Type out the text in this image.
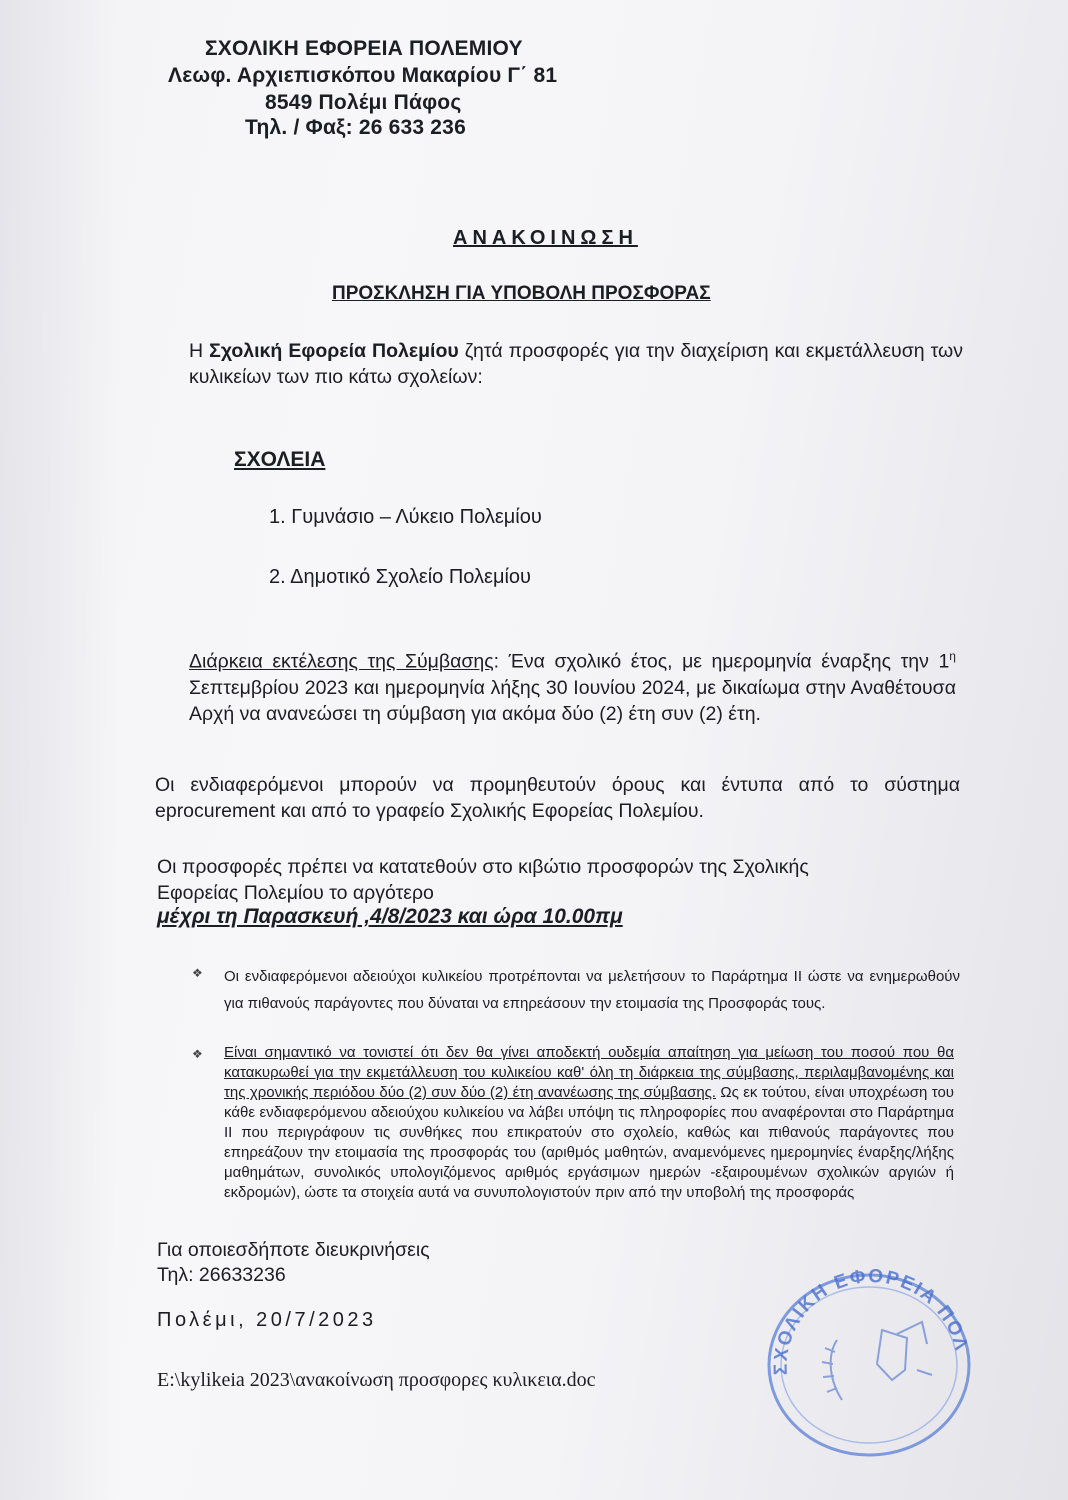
ΣΧΟΛΙΚΗ ΕΦΟΡΕΙΑ ΠΟΛΕΜΙΟΥ
Λεωφ. Αρχιεπισκόπου Μακαρίου Γ΄ 81
8549 Πολέμι Πάφος
Τηλ. / Φαξ: 26 633 236
ΑΝΑΚΟΙΝΩΣΗ
ΠΡΟΣΚΛΗΣΗ ΓΙΑ ΥΠΟΒΟΛΗ ΠΡΟΣΦΟΡΑΣ
Η Σχολική Εφορεία Πολεμίου ζητά προσφορές για την διαχείριση και εκμετάλλευση των κυλικείων των πιο κάτω σχολείων:
ΣΧΟΛΕΙΑ
1. Γυμνάσιο – Λύκειο Πολεμίου
2. Δημοτικό Σχολείο Πολεμίου
Διάρκεια εκτέλεσης της Σύμβασης: Ένα σχολικό έτος, με ημερομηνία έναρξης την $1^\eta$ Σεπτεμβρίου 2023 και ημερομηνία λήξης 30 Ιουνίου 2024, με δικαίωμα στην Αναθέτουσα Αρχή να ανανεώσει τη σύμβαση για ακόμα δύο (2) έτη συν (2) έτη.
Οι ενδιαφερόμενοι μπορούν να προμηθευτούν όρους και έντυπα από το σύστημα eprocurement και από το γραφείο Σχολικής Εφορείας Πολεμίου.
Οι προσφορές πρέπει να κατατεθούν στο κιβώτιο προσφορών της Σχολικής
Εφορείας Πολεμίου το αργότερο
μέχρι τη Παρασκευή ,4/8/2023 και ώρα 10.00πμ
❖ Οι ενδιαφερόμενοι αδειούχοι κυλικείου προτρέπονται να μελετήσουν το Παράρτημα ΙΙ ώστε να ενημερωθούν για πιθανούς παράγοντες που δύναται να επηρεάσουν την ετοιμασία της Προσφοράς τους.
❖ Είναι σημαντικό να τονιστεί ότι δεν θα γίνει αποδεκτή ουδεμία απαίτηση για μείωση του ποσού που θα κατακυρωθεί για την εκμετάλλευση του κυλικείου καθ' όλη τη διάρκεια της σύμβασης, περιλαμβανομένης και της χρονικής περιόδου δύο (2) συν δύο (2) έτη ανανέωσης της σύμβασης. Ως εκ τούτου, είναι υποχρέωση του κάθε ενδιαφερόμενου αδειούχου κυλικείου να λάβει υπόψη τις πληροφορίες που αναφέρονται στο Παράρτημα ΙΙ που περιγράφουν τις συνθήκες που επικρατούν στο σχολείο, καθώς και πιθανούς παράγοντες που επηρεάζουν την ετοιμασία της προσφοράς του (αριθμός μαθητών, αναμενόμενες ημερομηνίες έναρξης/λήξης μαθημάτων, συνολικός υπολογιζόμενος αριθμός εργάσιμων ημερών -εξαιρουμένων σχολικών αργιών ή εκδρομών), ώστε τα στοιχεία αυτά να συνυπολογιστούν πριν από την υποβολή της προσφοράς
Για οποιεσδήποτε διευκρινήσεις
Τηλ: 26633236
Πολέμι, 20/7/2023
E:\kylikeia 2023\ανακοίνωση προσφορες κυλικεια.doc
ΣΧΟΛΙΚΗ ΕΦΟΡΕΙΑ ΠΟΛ
